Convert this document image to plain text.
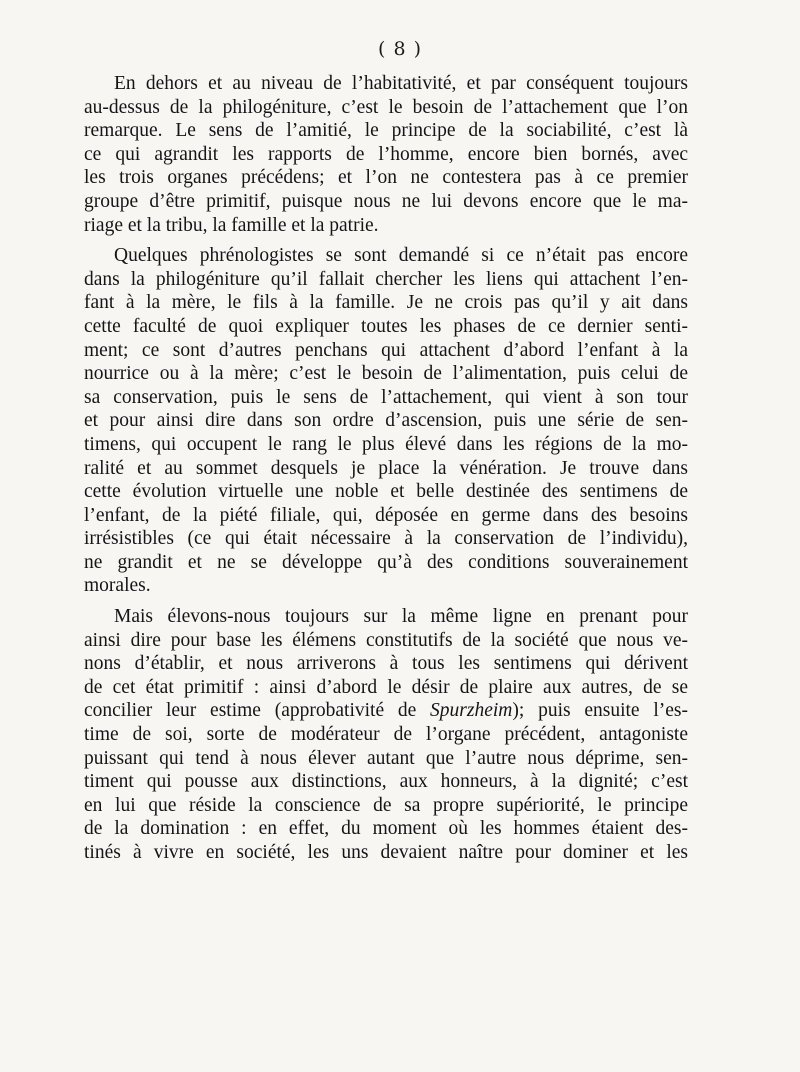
( 8 )
En dehors et au niveau de l’habitativité, et par conséquent toujours
au-dessus de la philogéniture, c’est le besoin de l’attachement que l’on
remarque. Le sens de l’amitié, le principe de la sociabilité, c’est là
ce qui agrandit les rapports de l’homme, encore bien bornés, avec
les trois organes précédens; et l’on ne contestera pas à ce premier
groupe d’être primitif, puisque nous ne lui devons encore que le ma-
riage et la tribu, la famille et la patrie.
Quelques phrénologistes se sont demandé si ce n’était pas encore
dans la philogéniture qu’il fallait chercher les liens qui attachent l’en-
fant à la mère, le fils à la famille. Je ne crois pas qu’il y ait dans
cette faculté de quoi expliquer toutes les phases de ce dernier senti-
ment; ce sont d’autres penchans qui attachent d’abord l’enfant à la
nourrice ou à la mère; c’est le besoin de l’alimentation, puis celui de
sa conservation, puis le sens de l’attachement, qui vient à son tour
et pour ainsi dire dans son ordre d’ascension, puis une série de sen-
timens, qui occupent le rang le plus élevé dans les régions de la mo-
ralité et au sommet desquels je place la vénération. Je trouve dans
cette évolution virtuelle une noble et belle destinée des sentimens de
l’enfant, de la piété filiale, qui, déposée en germe dans des besoins
irrésistibles (ce qui était nécessaire à la conservation de l’individu),
ne grandit et ne se développe qu’à des conditions souverainement
morales.
Mais élevons-nous toujours sur la même ligne en prenant pour
ainsi dire pour base les élémens constitutifs de la société que nous ve-
nons d’établir, et nous arriverons à tous les sentimens qui dérivent
de cet état primitif : ainsi d’abord le désir de plaire aux autres, de se
concilier leur estime (approbativité de Spurzheim); puis ensuite l’es-
time de soi, sorte de modérateur de l’organe précédent, antagoniste
puissant qui tend à nous élever autant que l’autre nous déprime, sen-
timent qui pousse aux distinctions, aux honneurs, à la dignité; c’est
en lui que réside la conscience de sa propre supériorité, le principe
de la domination : en effet, du moment où les hommes étaient des-
tinés à vivre en société, les uns devaient naître pour dominer et les
